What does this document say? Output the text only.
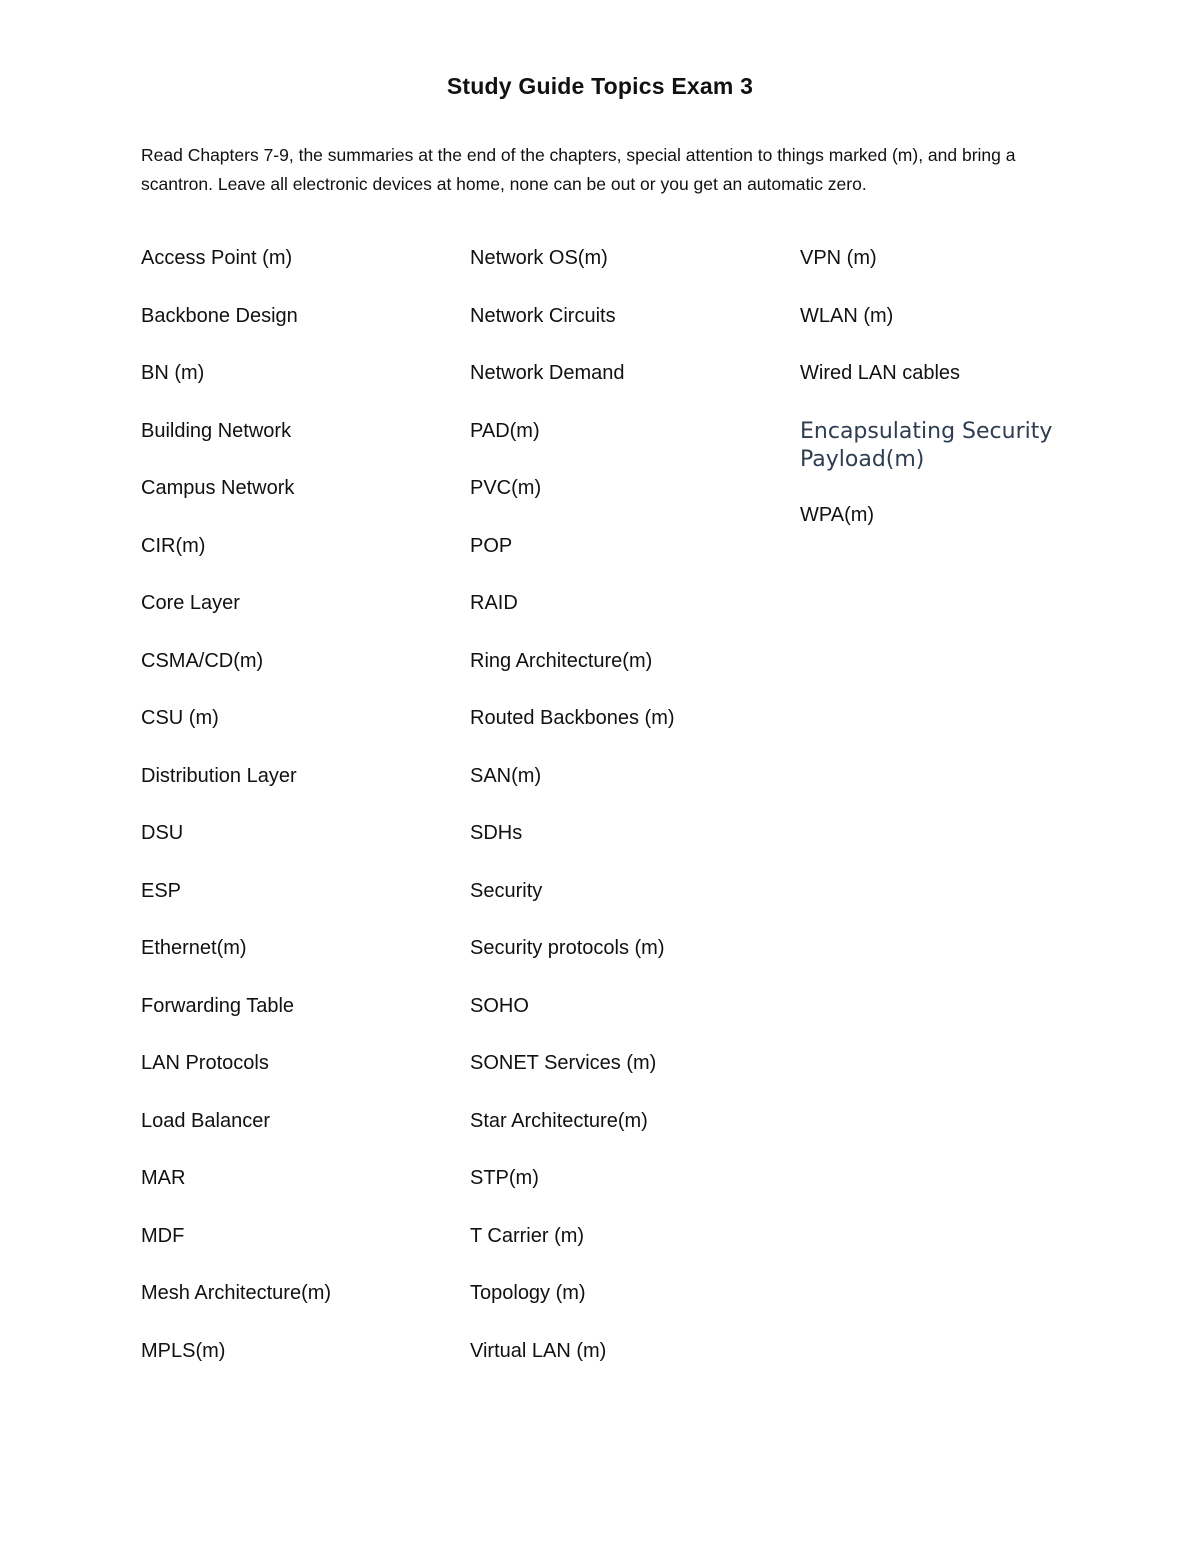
Study Guide Topics Exam 3
Read Chapters 7-9, the summaries at the end of the chapters, special attention to things marked (m), and bring a scantron. Leave all electronic devices at home, none can be out or you get an automatic zero.
Access Point (m)
Backbone Design
BN (m)
Building Network
Campus Network
CIR(m)
Core Layer
CSMA/CD(m)
CSU (m)
Distribution Layer
DSU
ESP
Ethernet(m)
Forwarding Table
LAN Protocols
Load Balancer
MAR
MDF
Mesh Architecture(m)
MPLS(m)
Network OS(m)
Network Circuits
Network Demand
PAD(m)
PVC(m)
POP
RAID
Ring Architecture(m)
Routed Backbones (m)
SAN(m)
SDHs
Security
Security protocols (m)
SOHO
SONET Services (m)
Star Architecture(m)
STP(m)
T Carrier (m)
Topology (m)
Virtual LAN (m)
VPN (m)
WLAN (m)
Wired LAN cables
Encapsulating Security Payload(m)
WPA(m)
